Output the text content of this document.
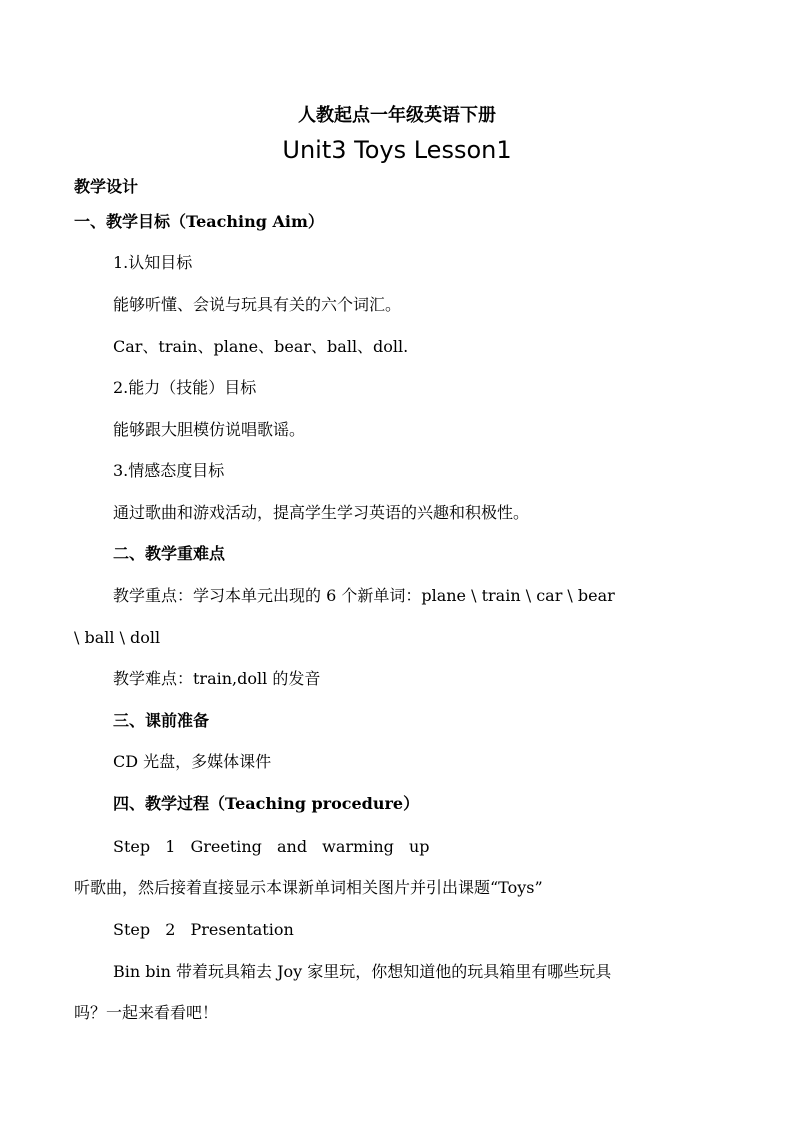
人教起点一年级英语下册
Unit3 Toys Lesson1
教学设计
一、教学目标（Teaching Aim）
1.认知目标
能够听懂、会说与玩具有关的六个词汇。
Car、train、plane、bear、ball、doll.
2.能力（技能）目标
能够跟大胆模仿说唱歌谣。
3.情感态度目标
通过歌曲和游戏活动，提高学生学习英语的兴趣和积极性。
二、教学重难点
教学重点：学习本单元出现的 6 个新单词：plane \ train \ car \ bear
\ ball \ doll
教学难点：train,doll 的发音
三、课前准备
CD 光盘，多媒体课件
四、教学过程（Teaching procedure）
Step 1 Greeting and warming up
听歌曲，然后接着直接显示本课新单词相关图片并引出课题“Toys”
Step 2 Presentation
Bin bin 带着玩具箱去 Joy 家里玩，你想知道他的玩具箱里有哪些玩具
吗？一起来看看吧！
